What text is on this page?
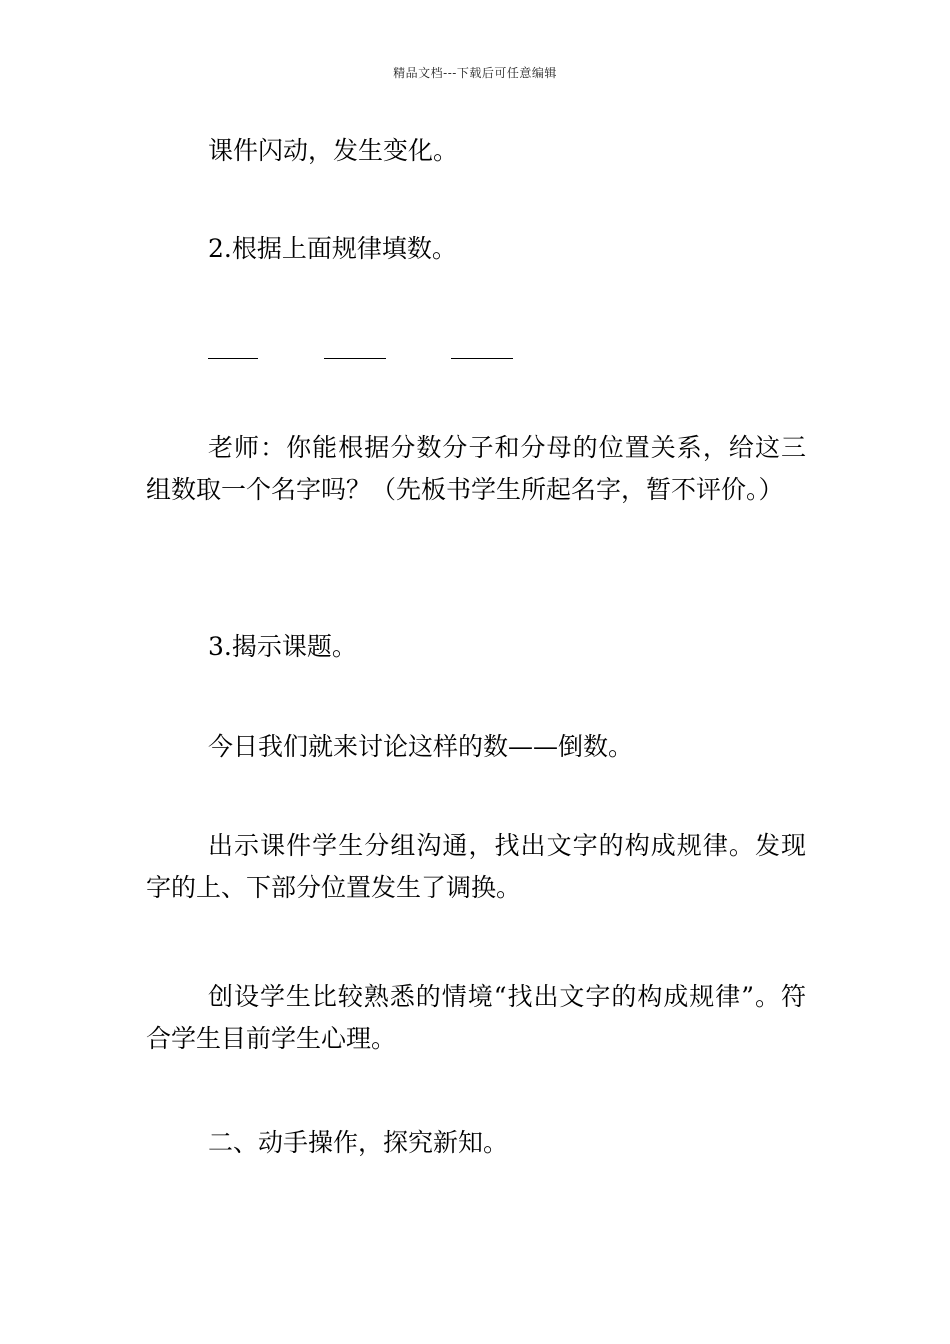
精品文档---下载后可任意编辑

课件闪动，发生变化。

2.根据上面规律填数。

老师：你能根据分数分子和分母的位置关系，给这三组数取一个名字吗？（先板书学生所起名字，暂不评价。）

3.揭示课题。

今日我们就来讨论这样的数——倒数。

出示课件学生分组沟通，找出文字的构成规律。发现字的上、下部分位置发生了调换。

创设学生比较熟悉的情境“找出文字的构成规律”。符合学生目前学生心理。

二、动手操作，探究新知。
